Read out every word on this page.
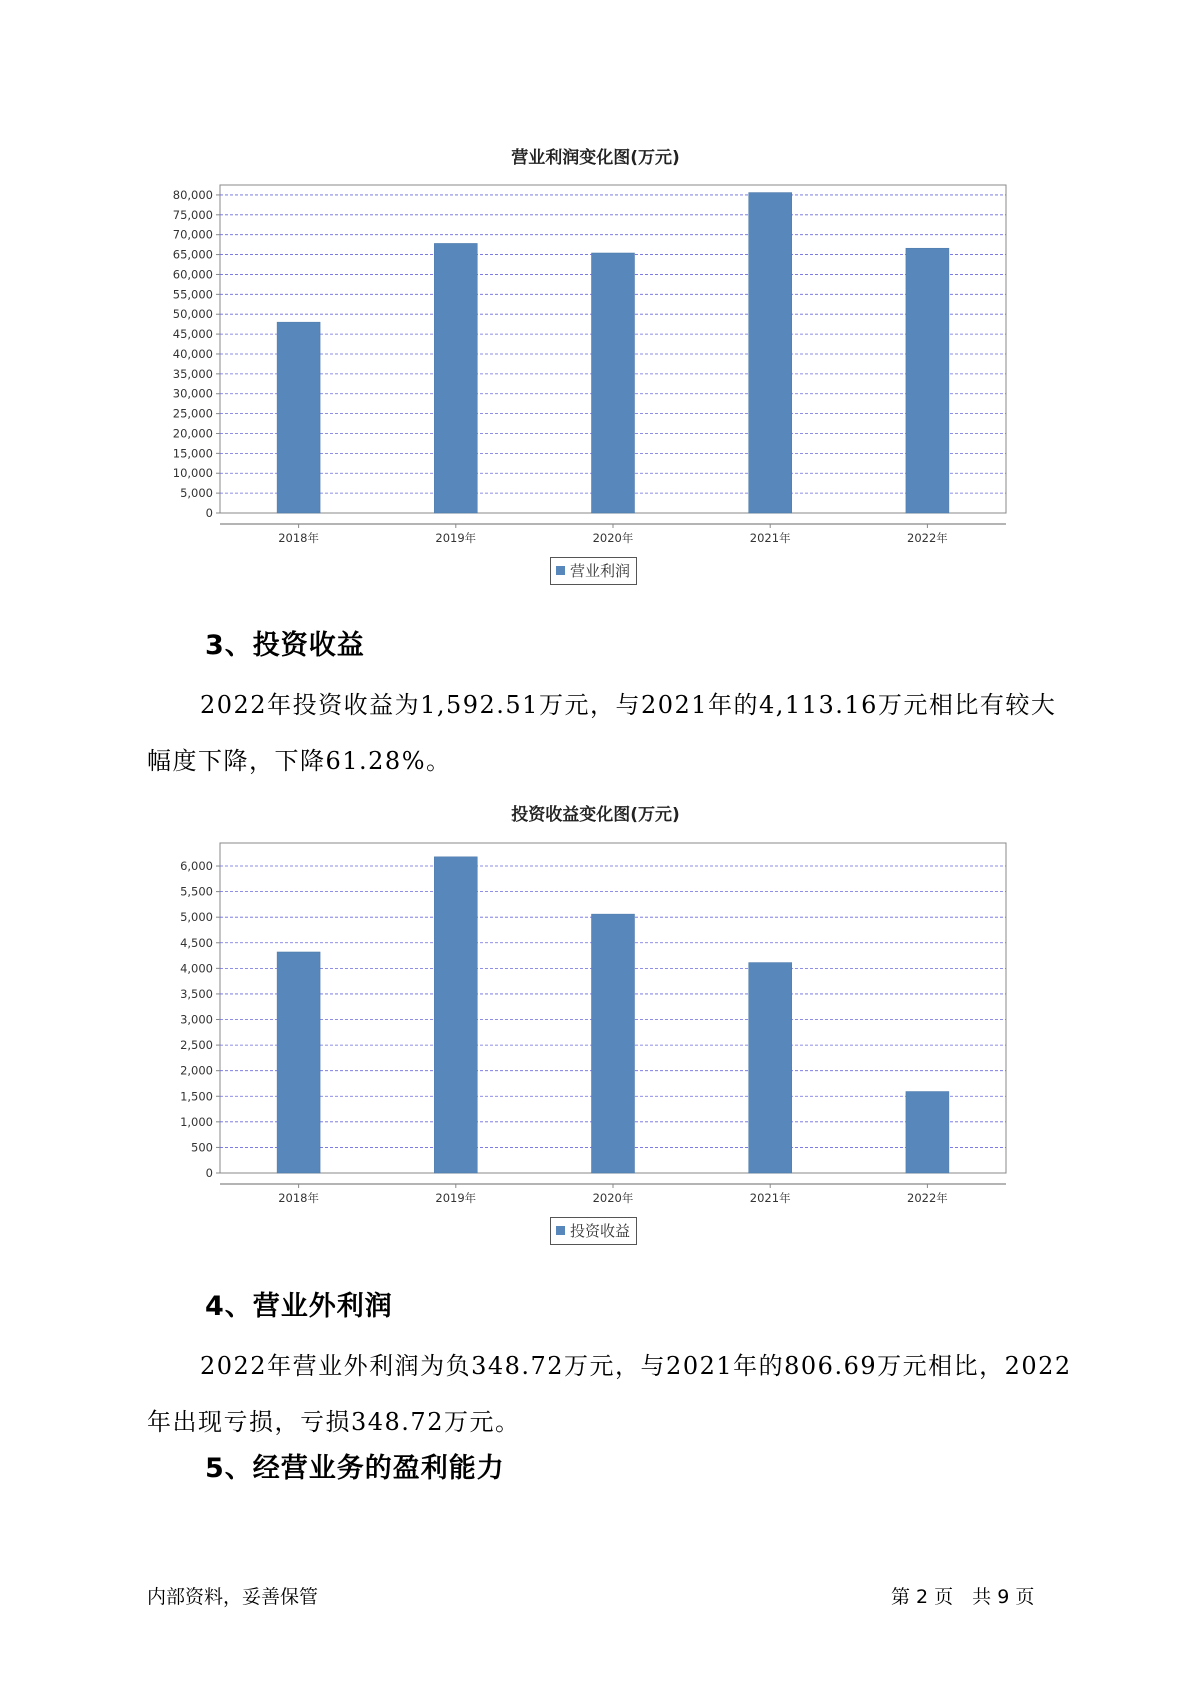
营业利润变化图(万元)
0
5,000
10,000
15,000
20,000
25,000
30,000
35,000
40,000
45,000
50,000
55,000
60,000
65,000
70,000
75,000
80,000
2018年	2019年	2020年	2021年	2022年
营业利润
3、投资收益
2022年投资收益为1,592.51万元，与2021年的4,113.16万元相比有较大幅度下降，下降61.28%。
投资收益变化图(万元)
0
500
1,000
1,500
2,000
2,500
3,000
3,500
4,000
4,500
5,000
5,500
6,000
2018年	2019年	2020年	2021年	2022年
投资收益
4、营业外利润
2022年营业外利润为负348.72万元，与2021年的806.69万元相比，2022年出现亏损，亏损348.72万元。
5、经营业务的盈利能力
内部资料，妥善保管	第 2 页　共 9 页
